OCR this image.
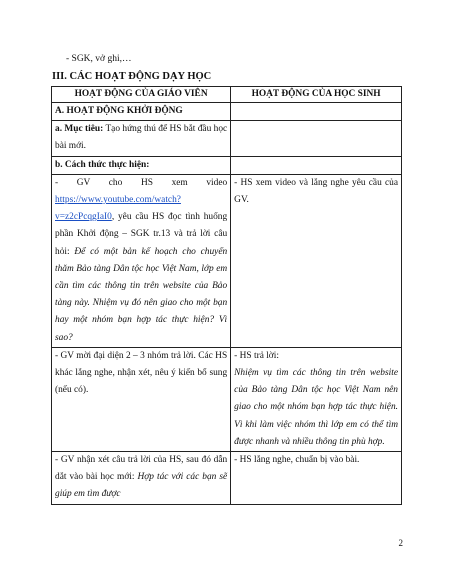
- SGK, vở ghi,…
III. CÁC HOẠT ĐỘNG DẠY HỌC
HOẠT ĐỘNG CỦA GIÁO VIÊN	HOẠT ĐỘNG CỦA HỌC SINH
A. HOẠT ĐỘNG KHỞI ĐỘNG	
a. Mục tiêu: Tạo hứng thú để HS bắt đầu học bài mới.	
b. Cách thức thực hiện:	
- GV cho HS xem video https://www.youtube.com/watch?v=z2cPcqgIaI0, yêu cầu HS đọc tình huống phần Khởi động – SGK tr.13 và trả lời câu hỏi: Để có một bản kế hoạch cho chuyến thăm Bảo tàng Dân tộc học Việt Nam, lớp em cần tìm các thông tin trên website của Bảo tàng này. Nhiệm vụ đó nên giao cho một bạn hay một nhóm bạn hợp tác thực hiện? Vì sao?	- HS xem video và lắng nghe yêu cầu của GV.
- GV mời đại diện 2 – 3 nhóm trả lời. Các HS khác lắng nghe, nhận xét, nêu ý kiến bổ sung (nếu có).	- HS trả lời:
Nhiệm vụ tìm các thông tin trên website của Bảo tàng Dân tộc học Việt Nam nên giao cho một nhóm bạn hợp tác thực hiện. Vì khi làm việc nhóm thì lớp em có thể tìm được nhanh và nhiều thông tin phù hợp.

- GV nhận xét câu trả lời của HS, sau đó dẫn dắt vào bài học mới: Hợp tác với các bạn sẽ giúp em tìm được	- HS lắng nghe, chuẩn bị vào bài.
2
